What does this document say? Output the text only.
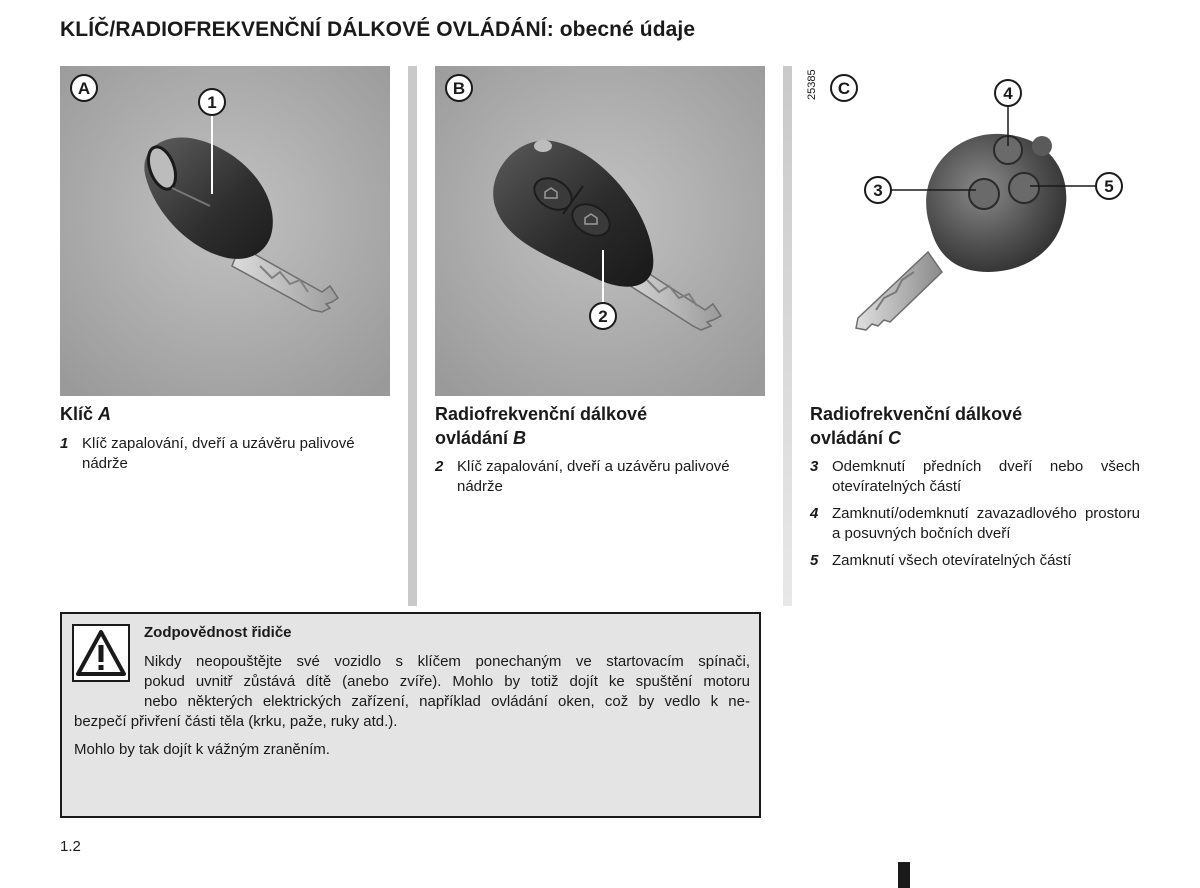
KLÍČ/RADIOFREKVENČNÍ DÁLKOVÉ OVLÁDÁNÍ: obecné údaje
A
1
B
2
C	4
3	5
25385
Klíč A
1 Klíč zapalování, dveří a uzávěru palivové nádrže
Radiofrekvenční dálkové
ovládání B
2 Klíč zapalování, dveří a uzávěru palivové nádrže
Radiofrekvenční dálkové
ovládání C
3 Odemknutí předních dveří nebo všech otevíratelných částí
4 Zamknutí/odemknutí zavazadlového prostoru a posuvných bočních dveří
5 Zamknutí všech otevíratelných částí
Zodpovědnost řidiče
Nikdy neopouštějte své vozidlo s klíčem ponechaným ve startovacím spínači,
pokud uvnitř zůstává dítě (anebo zvíře). Mohlo by totiž dojít ke spuštění motoru
nebo některých elektrických zařízení, například ovládání oken, což by vedlo k ne-
bezpečí přivření části těla (krku, paže, ruky atd.).
Mohlo by tak dojít k vážným zraněním.
1.2
